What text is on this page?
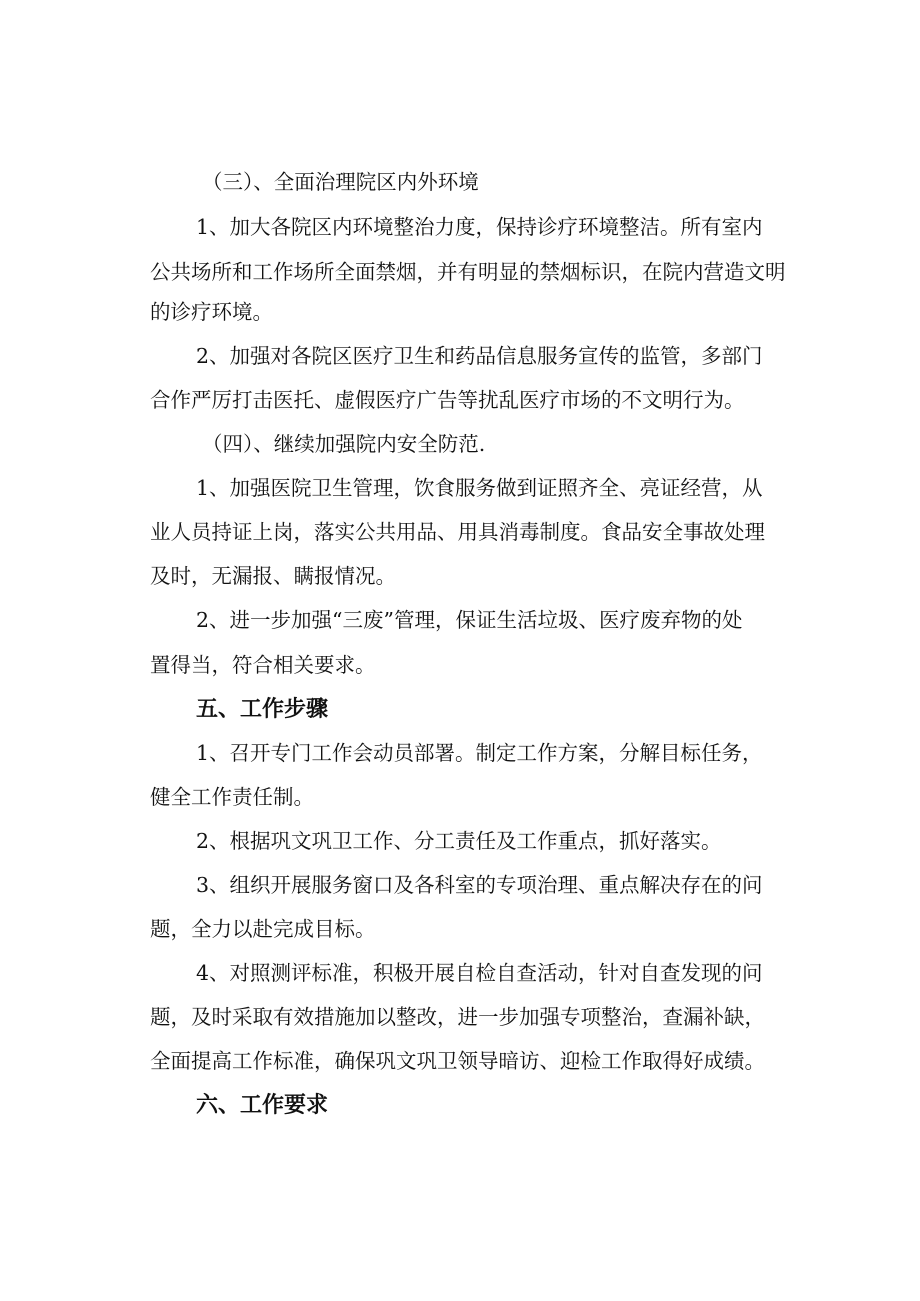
（三）、全面治理院区内外环境
1、加大各院区内环境整治力度，保持诊疗环境整洁。所有室内
公共场所和工作场所全面禁烟，并有明显的禁烟标识，在院内营造文明
的诊疗环境。
2、加强对各院区医疗卫生和药品信息服务宣传的监管，多部门
合作严厉打击医托、虚假医疗广告等扰乱医疗市场的不文明行为。
（四）、继续加强院内安全防范.
1、加强医院卫生管理，饮食服务做到证照齐全、亮证经营，从
业人员持证上岗，落实公共用品、用具消毒制度。食品安全事故处理
及时，无漏报、瞒报情况。
2、进一步加强“三废”管理，保证生活垃圾、医疗废弃物的处
置得当，符合相关要求。
五、工作步骤
1、召开专门工作会动员部署。制定工作方案，分解目标任务，
健全工作责任制。
2、根据巩文巩卫工作、分工责任及工作重点，抓好落实。
3、组织开展服务窗口及各科室的专项治理、重点解决存在的问
题，全力以赴完成目标。
4、对照测评标准，积极开展自检自查活动，针对自查发现的问
题，及时采取有效措施加以整改，进一步加强专项整治，查漏补缺，
全面提高工作标准，确保巩文巩卫领导暗访、迎检工作取得好成绩。
六、工作要求
